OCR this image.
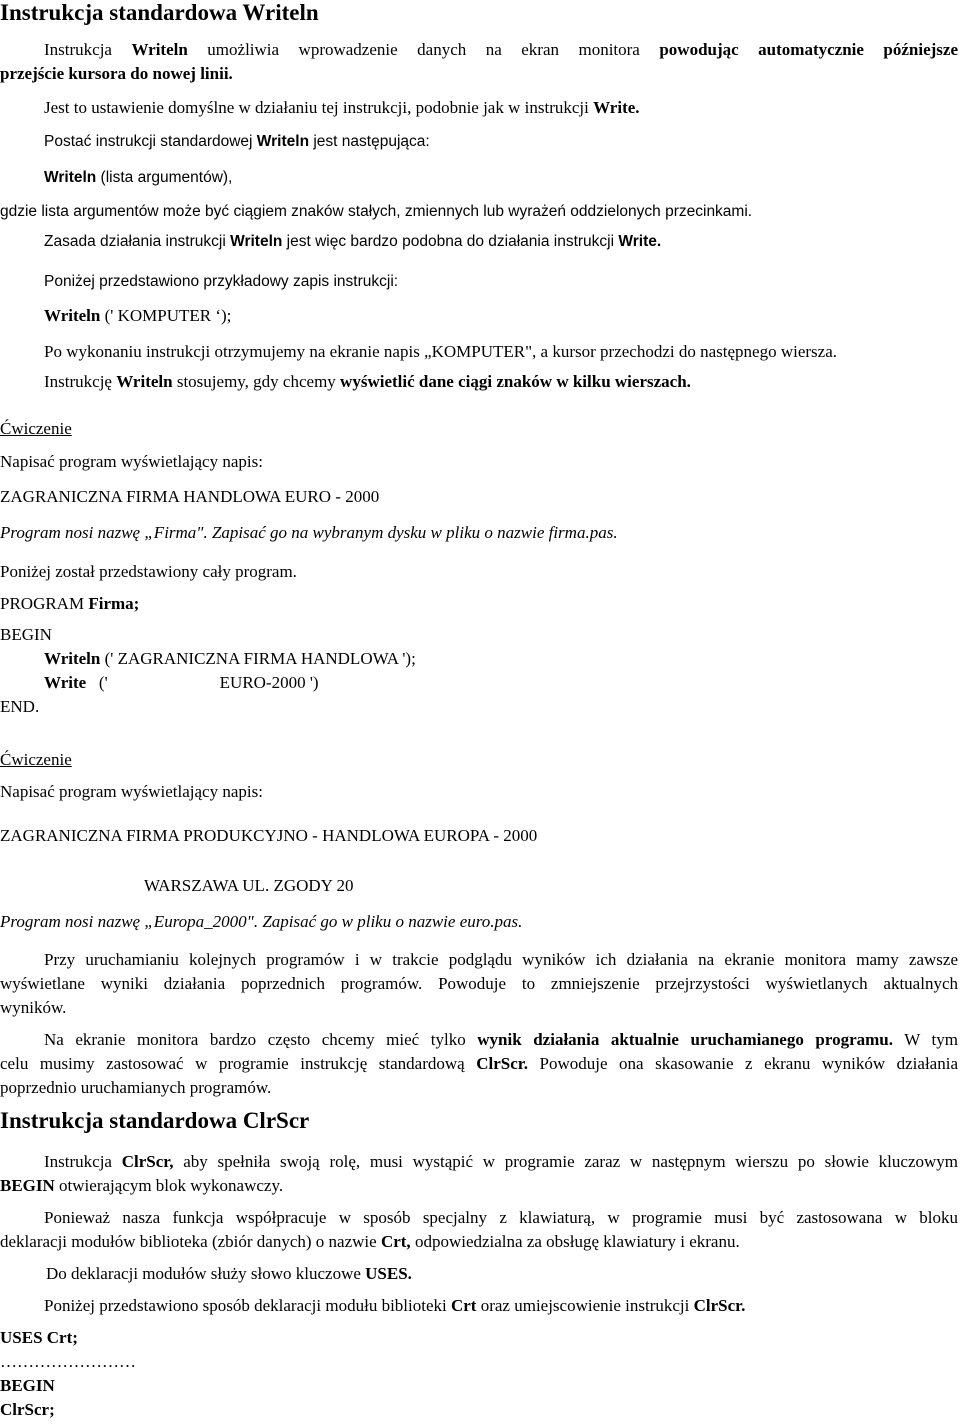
Instrukcja standardowa Writeln
Instrukcja Writeln umożliwia wprowadzenie danych na ekran monitora powodując automatycznie późniejsze
przejście kursora do nowej linii.
Jest to ustawienie domyślne w działaniu tej instrukcji, podobnie jak w instrukcji Write.
Postać instrukcji standardowej Writeln jest następująca:
Writeln (lista argumentów),
gdzie lista argumentów może być ciągiem znaków stałych, zmiennych lub wyrażeń oddzielonych przecinkami.
Zasada działania instrukcji Writeln jest więc bardzo podobna do działania instrukcji Write.
Poniżej przedstawiono przykładowy zapis instrukcji:
Writeln (' KOMPUTER ‘);
Po wykonaniu instrukcji otrzymujemy na ekranie napis „KOMPUTER", a kursor przechodzi do następnego wiersza.
Instrukcję Writeln stosujemy, gdy chcemy wyświetlić dane ciągi znaków w kilku wierszach.
Ćwiczenie
Napisać program wyświetlający napis:
ZAGRANICZNA FIRMA HANDLOWA EURO - 2000
Program nosi nazwę „Firma". Zapisać go na wybranym dysku w pliku o nazwie firma.pas.
Poniżej został przedstawiony cały program.
PROGRAM Firma;
BEGIN
Writeln (' ZAGRANICZNA FIRMA HANDLOWA ');
Write   ('	EURO-2000 ')
END.
Ćwiczenie
Napisać program wyświetlający napis:
ZAGRANICZNA FIRMA PRODUKCYJNO - HANDLOWA EUROPA - 2000
WARSZAWA UL. ZGODY 20
Program nosi nazwę „Europa_2000". Zapisać go w pliku o nazwie euro.pas.
Przy uruchamianiu kolejnych programów i w trakcie podglądu wyników ich działania na ekranie monitora mamy zawsze
wyświetlane wyniki działania poprzednich programów. Powoduje to zmniejszenie przejrzystości wyświetlanych aktualnych
wyników.
Na ekranie monitora bardzo często chcemy mieć tylko wynik działania aktualnie uruchamianego programu. W tym
celu musimy zastosować w programie instrukcję standardową ClrScr. Powoduje ona skasowanie z ekranu wyników działania
poprzednio uruchamianych programów.
Instrukcja standardowa ClrScr
Instrukcja ClrScr, aby spełniła swoją rolę, musi wystąpić w programie zaraz w następnym wierszu po słowie kluczowym
BEGIN otwierającym blok wykonawczy.
Ponieważ nasza funkcja współpracuje w sposób specjalny z klawiaturą, w programie musi być zastosowana w bloku
deklaracji modułów biblioteka (zbiór danych) o nazwie Crt, odpowiedzialna za obsługę klawiatury i ekranu.
Do deklaracji modułów służy słowo kluczowe USES.
Poniżej przedstawiono sposób deklaracji modułu biblioteki Crt oraz umiejscowienie instrukcji ClrScr.
USES Crt;
……………………
BEGIN
ClrScr;
